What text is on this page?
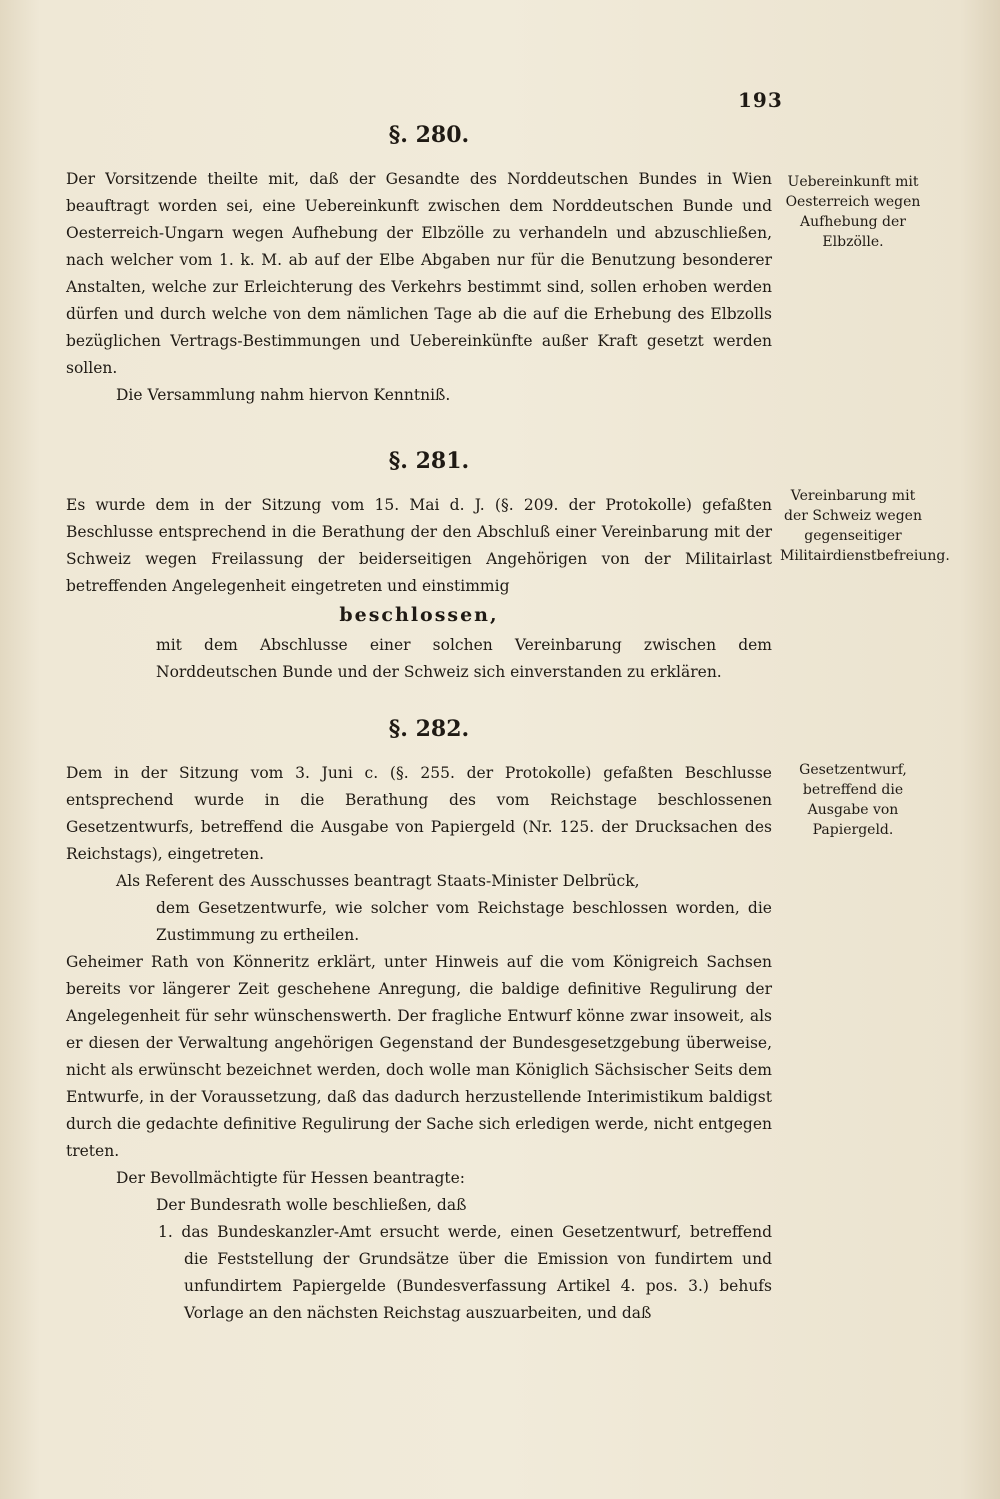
193
§. 280.

Der Vorsitzende theilte mit, daß der Gesandte des Norddeutschen Bundes in Wien beauftragt worden sei, eine Uebereinkunft zwischen dem Norddeutschen Bunde und Oesterreich-Ungarn wegen Aufhebung der Elbzölle zu verhandeln und abzuschließen, nach welcher vom 1. k. M. ab auf der Elbe Abgaben nur für die Benutzung besonderer Anstalten, welche zur Erleichterung des Verkehrs bestimmt sind, sollen erhoben werden dürfen und durch welche von dem nämlichen Tage ab die auf die Erhebung des Elbzolls bezüglichen Vertrags-Bestimmungen und Uebereinkünfte außer Kraft gesetzt werden sollen.

Die Versammlung nahm hiervon Kenntniß.

Uebereinkunft mit Oesterreich wegen Aufhebung der Elbzölle.

§. 281.

Es wurde dem in der Sitzung vom 15. Mai d. J. (§. 209. der Protokolle) gefaßten Beschlusse entsprechend in die Berathung der den Abschluß einer Vereinbarung mit der Schweiz wegen Freilassung der beiderseitigen Angehörigen von der Militairlast betreffenden Angelegenheit eingetreten und einstimmig

beschlossen,

mit dem Abschlusse einer solchen Vereinbarung zwischen dem Norddeutschen Bunde und der Schweiz sich einverstanden zu erklären.

Vereinbarung mit der Schweiz wegen gegenseitiger Militairdienstbefreiung.

§. 282.

Dem in der Sitzung vom 3. Juni c. (§. 255. der Protokolle) gefaßten Beschlusse entsprechend wurde in die Berathung des vom Reichstage beschlossenen Gesetzentwurfs, betreffend die Ausgabe von Papiergeld (Nr. 125. der Drucksachen des Reichstags), eingetreten.

Als Referent des Ausschusses beantragt Staats-Minister Delbrück,

dem Gesetzentwurfe, wie solcher vom Reichstage beschlossen worden, die Zustimmung zu ertheilen.

Geheimer Rath von Könneritz erklärt, unter Hinweis auf die vom Königreich Sachsen bereits vor längerer Zeit geschehene Anregung, die baldige definitive Regulirung der Angelegenheit für sehr wünschenswerth. Der fragliche Entwurf könne zwar insoweit, als er diesen der Verwaltung angehörigen Gegenstand der Bundesgesetzgebung überweise, nicht als erwünscht bezeichnet werden, doch wolle man Königlich Sächsischer Seits dem Entwurfe, in der Voraussetzung, daß das dadurch herzustellende Interimistikum baldigst durch die gedachte definitive Regulirung der Sache sich erledigen werde, nicht entgegen treten.

Der Bevollmächtigte für Hessen beantragte:

Der Bundesrath wolle beschließen, daß

1. das Bundeskanzler-Amt ersucht werde, einen Gesetzentwurf, betreffend die Feststellung der Grundsätze über die Emission von fundirtem und unfundirtem Papiergelde (Bundesverfassung Artikel 4. pos. 3.) behufs Vorlage an den nächsten Reichstag auszuarbeiten, und daß

Gesetzentwurf, betreffend die Ausgabe von Papiergeld.
